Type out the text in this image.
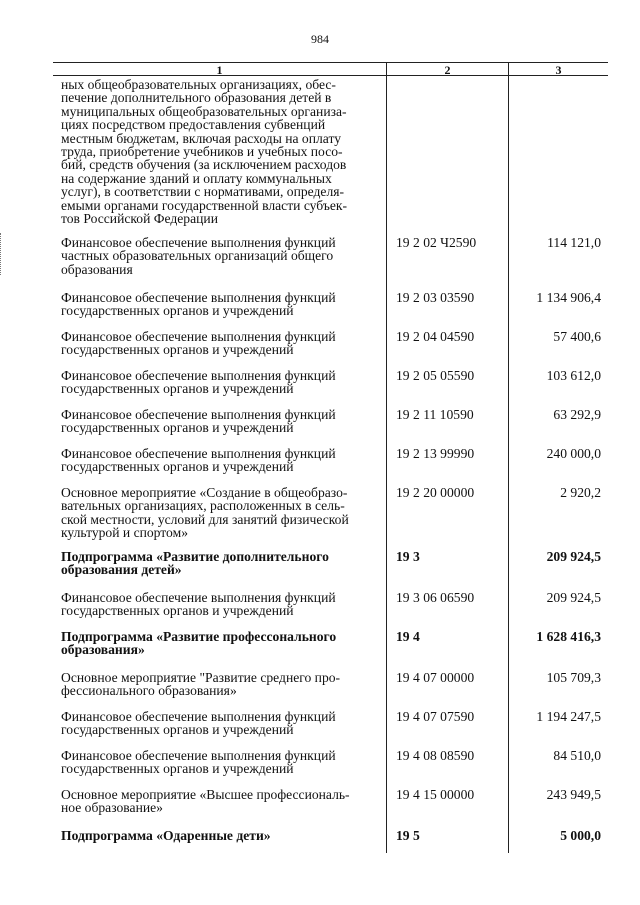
984
1	2	3
ных общеобразовательных организациях, обес-
печение дополнительного образования детей в
муниципальных общеобразовательных организа-
циях посредством предоставления субвенций
местным бюджетам, включая расходы на оплату
труда, приобретение учебников и учебных посо-
бий, средств обучения (за исключением расходов
на содержание зданий и оплату коммунальных
услуг), в соответствии с нормативами, определя-
емыми органами государственной власти субъек-
тов Российской Федерации
Финансовое обеспечение выполнения функций
частных образовательных организаций общего
образования
19 2 02 Ч2590	114 121,0
Финансовое обеспечение выполнения функций
государственных органов и учреждений
19 2 03 03590	1 134 906,4
Финансовое обеспечение выполнения функций
государственных органов и учреждений
19 2 04 04590	57 400,6
Финансовое обеспечение выполнения функций
государственных органов и учреждений
19 2 05 05590	103 612,0
Финансовое обеспечение выполнения функций
государственных органов и учреждений
19 2 11 10590	63 292,9
Финансовое обеспечение выполнения функций
государственных органов и учреждений
19 2 13 99990	240 000,0
Основное мероприятие «Создание в общеобразо-
вательных организациях, расположенных в сель-
ской местности, условий для занятий физической
культурой и спортом»
19 2 20 00000	2 920,2
Подпрограмма «Развитие дополнительного
образования детей»
19 3	209 924,5
Финансовое обеспечение выполнения функций
государственных органов и учреждений
19 3 06 06590	209 924,5
Подпрограмма «Развитие профессонального
образования»
19 4	1 628 416,3
Основное мероприятие "Развитие среднего про-
фессионального образования»
19 4 07 00000	105 709,3
Финансовое обеспечение выполнения функций
государственных органов и учреждений
19 4 07 07590	1 194 247,5
Финансовое обеспечение выполнения функций
государственных органов и учреждений
19 4 08 08590	84 510,0
Основное мероприятие «Высшее профессиональ-
ное образование»
19 4 15 00000	243 949,5
Подпрограмма «Одаренные дети»	19 5	5 000,0
